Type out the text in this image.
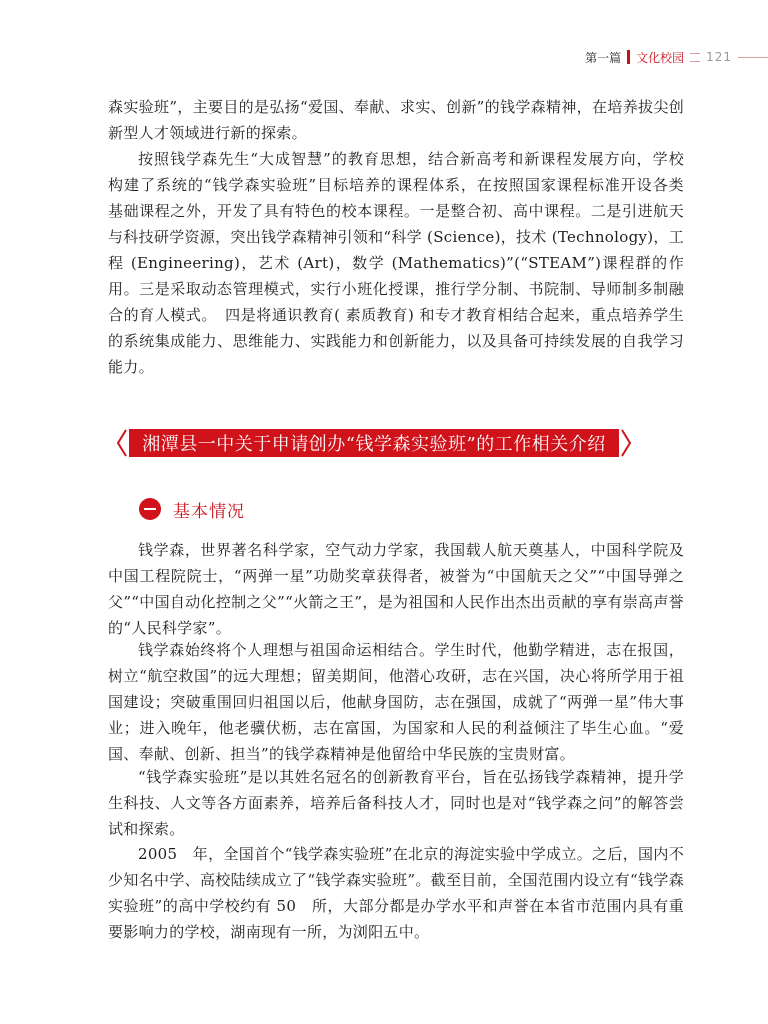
第一篇 文化校园 121

森实验班”，主要目的是弘扬“爱国、奉献、求实、创新”的钱学森精神，在培养拔尖创新型人才领域进行新的探索。

按照钱学森先生“大成智慧”的教育思想，结合新高考和新课程发展方向，学校　构建了系统的“钱学森实验班”目标培养的课程体系，在按照国家课程标准开设各类　基础课程之外，开发了具有特色的校本课程。一是整合初、高中课程。二是引进航天　与科技研学资源，突出钱学森精神引领和“科学 (Science)，技术 (Technology)，工程 (Engineering)，艺术 (Art)，数学 (Mathematics)”(“STEAM”)课程群的作用。三是采取动态管理模式，实行小班化授课，推行学分制、书院制、导师制多制融合的育人模式。　四是将通识教育( 素质教育) 和专才教育相结合起来，重点培养学生的系统集成能力、思维能力、实践能力和创新能力，以及具备可持续发展的自我学习能力。

湘潭县一中关于申请创办“钱学森实验班”的工作相关介绍
基本情况

钱学森，世界著名科学家，空气动力学家，我国载人航天奠基人，中国科学院及中国工程院院士，“两弹一星”功勋奖章获得者，被誉为“中国航天之父”“中国导弹之父”“中国自动化控制之父”“火箭之王”，是为祖国和人民作出杰出贡献的享有崇高声誉的“人民科学家”。

钱学森始终将个人理想与祖国命运相结合。学生时代，他勤学精进，志在报国，树立“航空救国”的远大理想；留美期间，他潜心攻研，志在兴国，决心将所学用于祖国建设；突破重围回归祖国以后，他献身国防，志在强国，成就了“两弹一星”伟大事业；进入晚年，他老骥伏枥，志在富国，为国家和人民的利益倾注了毕生心血。“爱国、奉献、创新、担当”的钱学森精神是他留给中华民族的宝贵财富。

“钱学森实验班”是以其姓名冠名的创新教育平台，旨在弘扬钱学森精神，提升学生科技、人文等各方面素养，培养后备科技人才，同时也是对“钱学森之问”的解答尝试和探索。

2005　年，全国首个“钱学森实验班”在北京的海淀实验中学成立。之后，国内不少知名中学、高校陆续成立了“钱学森实验班”。截至目前，全国范围内设立有“钱学森实验班”的高中学校约有 50　所，大部分都是办学水平和声誉在本省市范围内具有重要影响力的学校，湖南现有一所，为浏阳五中。
